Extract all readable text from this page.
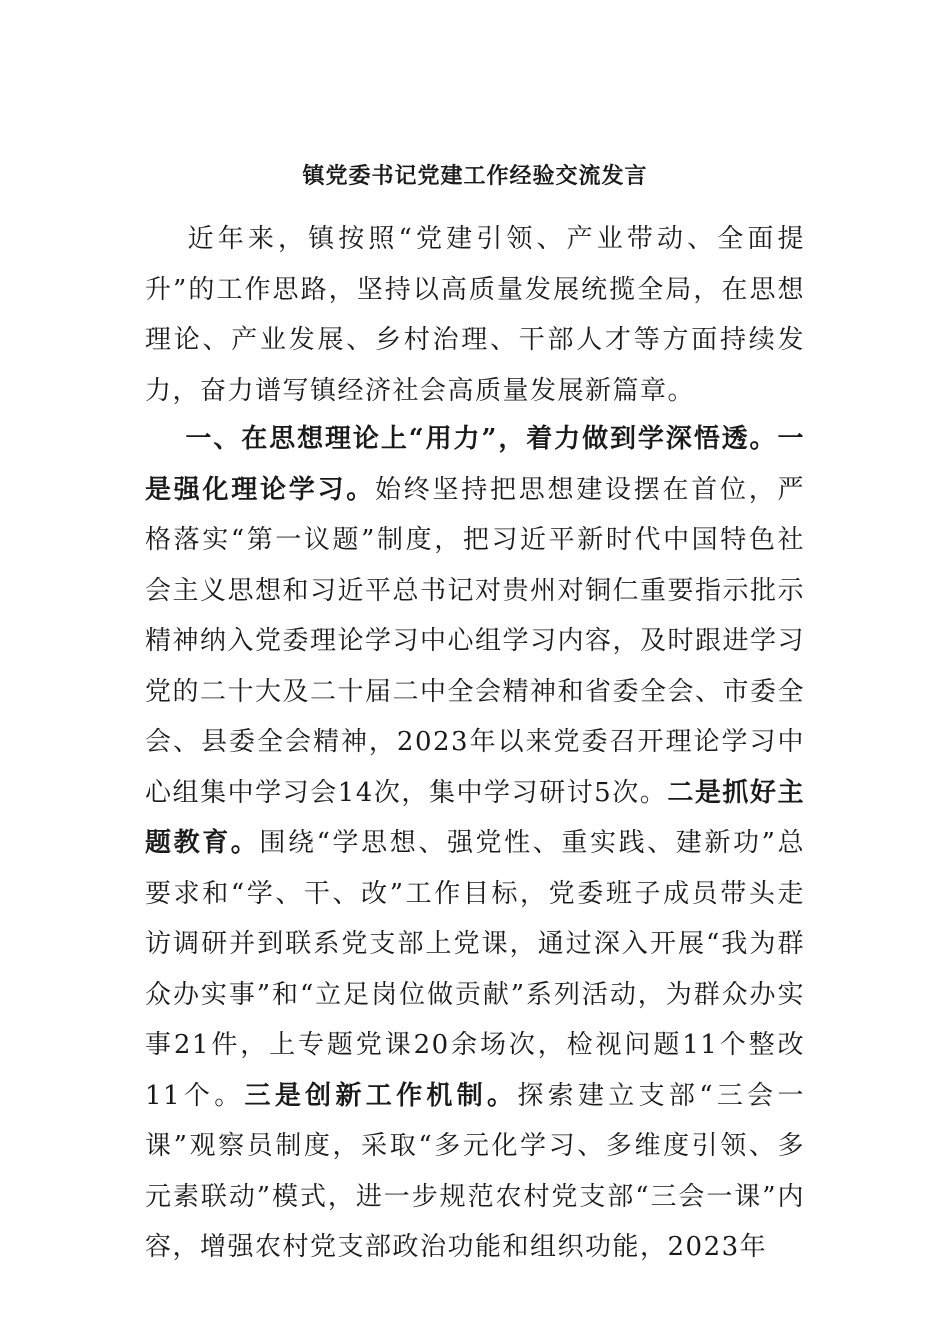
镇党委书记党建工作经验交流发言
近年来，镇按照“党建引领、产业带动、全面提升”的工作思路，坚持以高质量发展统揽全局，在思想理论、产业发展、乡村治理、干部人才等方面持续发力，奋力谱写镇经济社会高质量发展新篇章。
一、在思想理论上“用力”，着力做到学深悟透。一是强化理论学习。始终坚持把思想建设摆在首位，严格落实“第一议题”制度，把习近平新时代中国特色社会主义思想和习近平总书记对贵州对铜仁重要指示批示精神纳入党委理论学习中心组学习内容，及时跟进学习党的二十大及二十届二中全会精神和省委全会、市委全会、县委全会精神，2023年以来党委召开理论学习中心组集中学习会14次，集中学习研讨5次。二是抓好主题教育。围绕“学思想、强党性、重实践、建新功”总要求和“学、干、改”工作目标，党委班子成员带头走访调研并到联系党支部上党课，通过深入开展“我为群众办实事”和“立足岗位做贡献”系列活动，为群众办实事21件，上专题党课20余场次，检视问题11个整改11个。三是创新工作机制。探索建立支部“三会一课”观察员制度，采取“多元化学习、多维度引领、多元素联动”模式，进一步规范农村党支部“三会一课”内容，增强农村党支部政治功能和组织功能，2023年
